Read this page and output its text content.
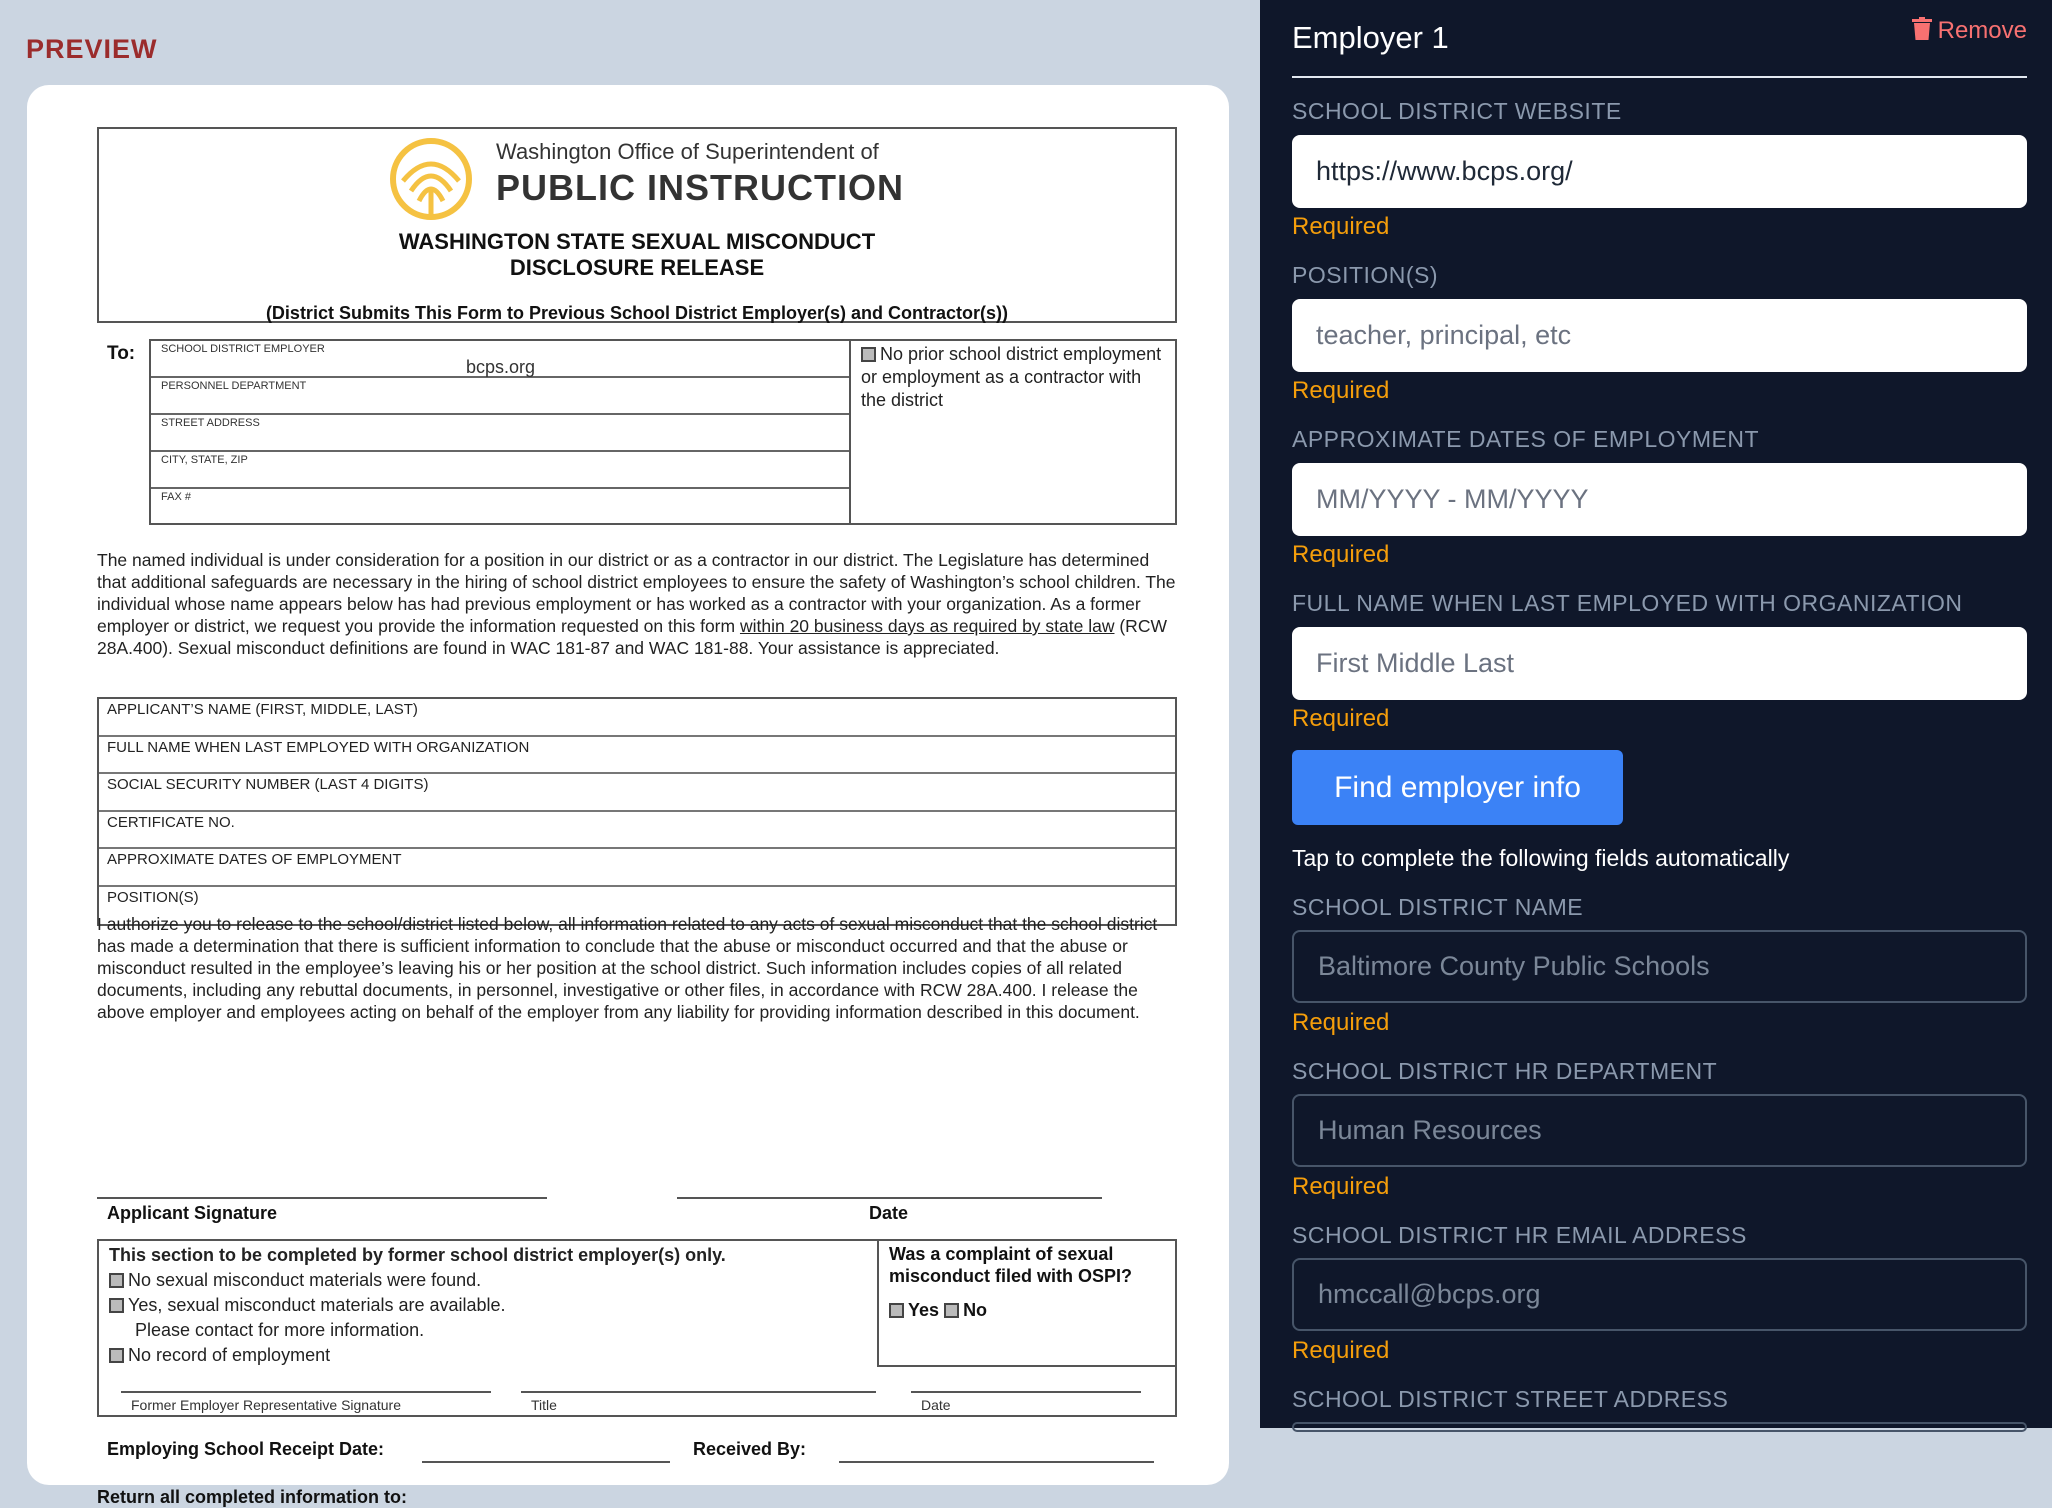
PREVIEW
Washington Office of Superintendent of
PUBLIC INSTRUCTION
WASHINGTON STATE SEXUAL MISCONDUCT
DISCLOSURE RELEASE
(District Submits This Form to Previous School District Employer(s) and Contractor(s))
To: SCHOOL DISTRICT EMPLOYER
bcps.org
PERSONNEL DEPARTMENT
STREET ADDRESS
CITY, STATE, ZIP
FAX #
No prior school district employment or employment as a contractor with the district
The named individual is under consideration for a position in our district or as a contractor in our district. The Legislature has determined that additional safeguards are necessary in the hiring of school district employees to ensure the safety of Washington’s school children. The individual whose name appears below has had previous employment or has worked as a contractor with your organization. As a former employer or district, we request you provide the information requested on this form within 20 business days as required by state law (RCW 28A.400). Sexual misconduct definitions are found in WAC 181-87 and WAC 181-88. Your assistance is appreciated.
APPLICANT’S NAME (FIRST, MIDDLE, LAST)
FULL NAME WHEN LAST EMPLOYED WITH ORGANIZATION
SOCIAL SECURITY NUMBER (LAST 4 DIGITS)
CERTIFICATE NO.
APPROXIMATE DATES OF EMPLOYMENT
POSITION(S)
I authorize you to release to the school/district listed below, all information related to any acts of sexual misconduct that the school district has made a determination that there is sufficient information to conclude that the abuse or misconduct occurred and that the abuse or misconduct resulted in the employee’s leaving his or her position at the school district. Such information includes copies of all related documents, including any rebuttal documents, in personnel, investigative or other files, in accordance with RCW 28A.400. I release the above employer and employees acting on behalf of the employer from any liability for providing information described in this document.
Applicant Signature	Date
This section to be completed by former school district employer(s) only.
No sexual misconduct materials were found.
Yes, sexual misconduct materials are available.
Please contact for more information.
No record of employment
Was a complaint of sexual misconduct filed with OSPI?
Yes No
Former Employer Representative Signature	Title	Date
Employing School Receipt Date:	Received By:
Return all completed information to:
Employer 1	Remove
SCHOOL DISTRICT WEBSITE
https://www.bcps.org/
Required
POSITION(S)
teacher, principal, etc
Required
APPROXIMATE DATES OF EMPLOYMENT
MM/YYYY - MM/YYYY
Required
FULL NAME WHEN LAST EMPLOYED WITH ORGANIZATION
First Middle Last
Required
Find employer info
Tap to complete the following fields automatically
SCHOOL DISTRICT NAME
Baltimore County Public Schools
Required
SCHOOL DISTRICT HR DEPARTMENT
Human Resources
Required
SCHOOL DISTRICT HR EMAIL ADDRESS
hmccall@bcps.org
Required
SCHOOL DISTRICT STREET ADDRESS
